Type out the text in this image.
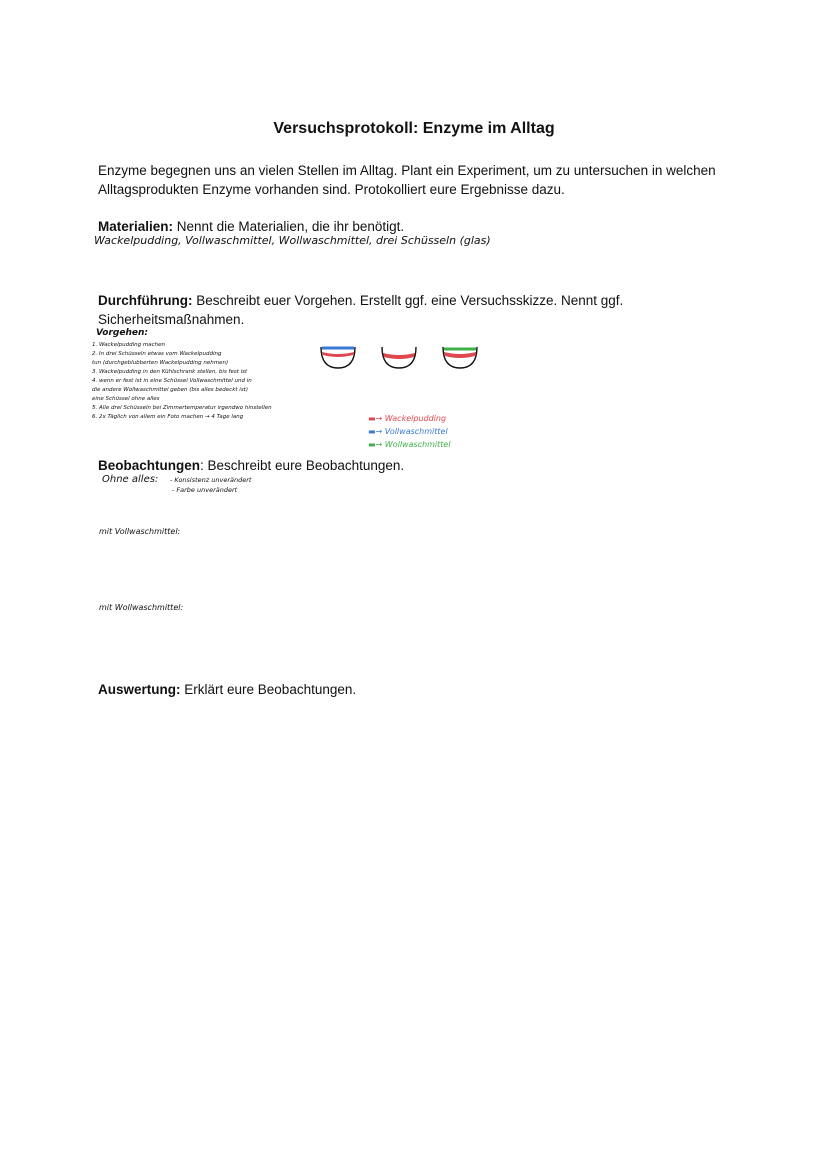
Versuchsprotokoll: Enzyme im Alltag
Enzyme begegnen uns an vielen Stellen im Alltag. Plant ein Experiment, um zu untersuchen in welchen Alltagsprodukten Enzyme vorhanden sind. Protokolliert eure Ergebnisse dazu.
Materialien: Nennt die Materialien, die ihr benötigt.
Wackelpudding, Vollwaschmittel, Wollwaschmittel, drei Schüsseln (glas)
Durchführung: Beschreibt euer Vorgehen. Erstellt ggf. eine Versuchsskizze. Nennt ggf. Sicherheitsmaßnahmen.
Vorgehen:
1. Wackelpudding machen
2. In drei Schüsseln etwas vom Wackelpudding
tun (durchgeblubberten Wackelpudding nehmen)
3. Wackelpudding in den Kühlschrank stellen, bis fest ist
4. wenn er fest ist in eine Schüssel Vollwaschmittel und in
die andere Wollwaschmittel geben (bis alles bedeckt ist)
eine Schüssel ohne alles
5. Alle drei Schüsseln bei Zimmertemperatur irgendwo hinstellen
6. 2x Täglich von allem ein Foto machen → 4 Tage lang	▬→ Wackelpudding
▬→ Vollwaschmittel
▬→ Wollwaschmittel
Beobachtungen: Beschreibt eure Beobachtungen.
Ohne alles: - Konsistenz unverändert
- Farbe unverändert
mit Vollwaschmittel:
mit Wollwaschmittel:
Auswertung: Erklärt eure Beobachtungen.
